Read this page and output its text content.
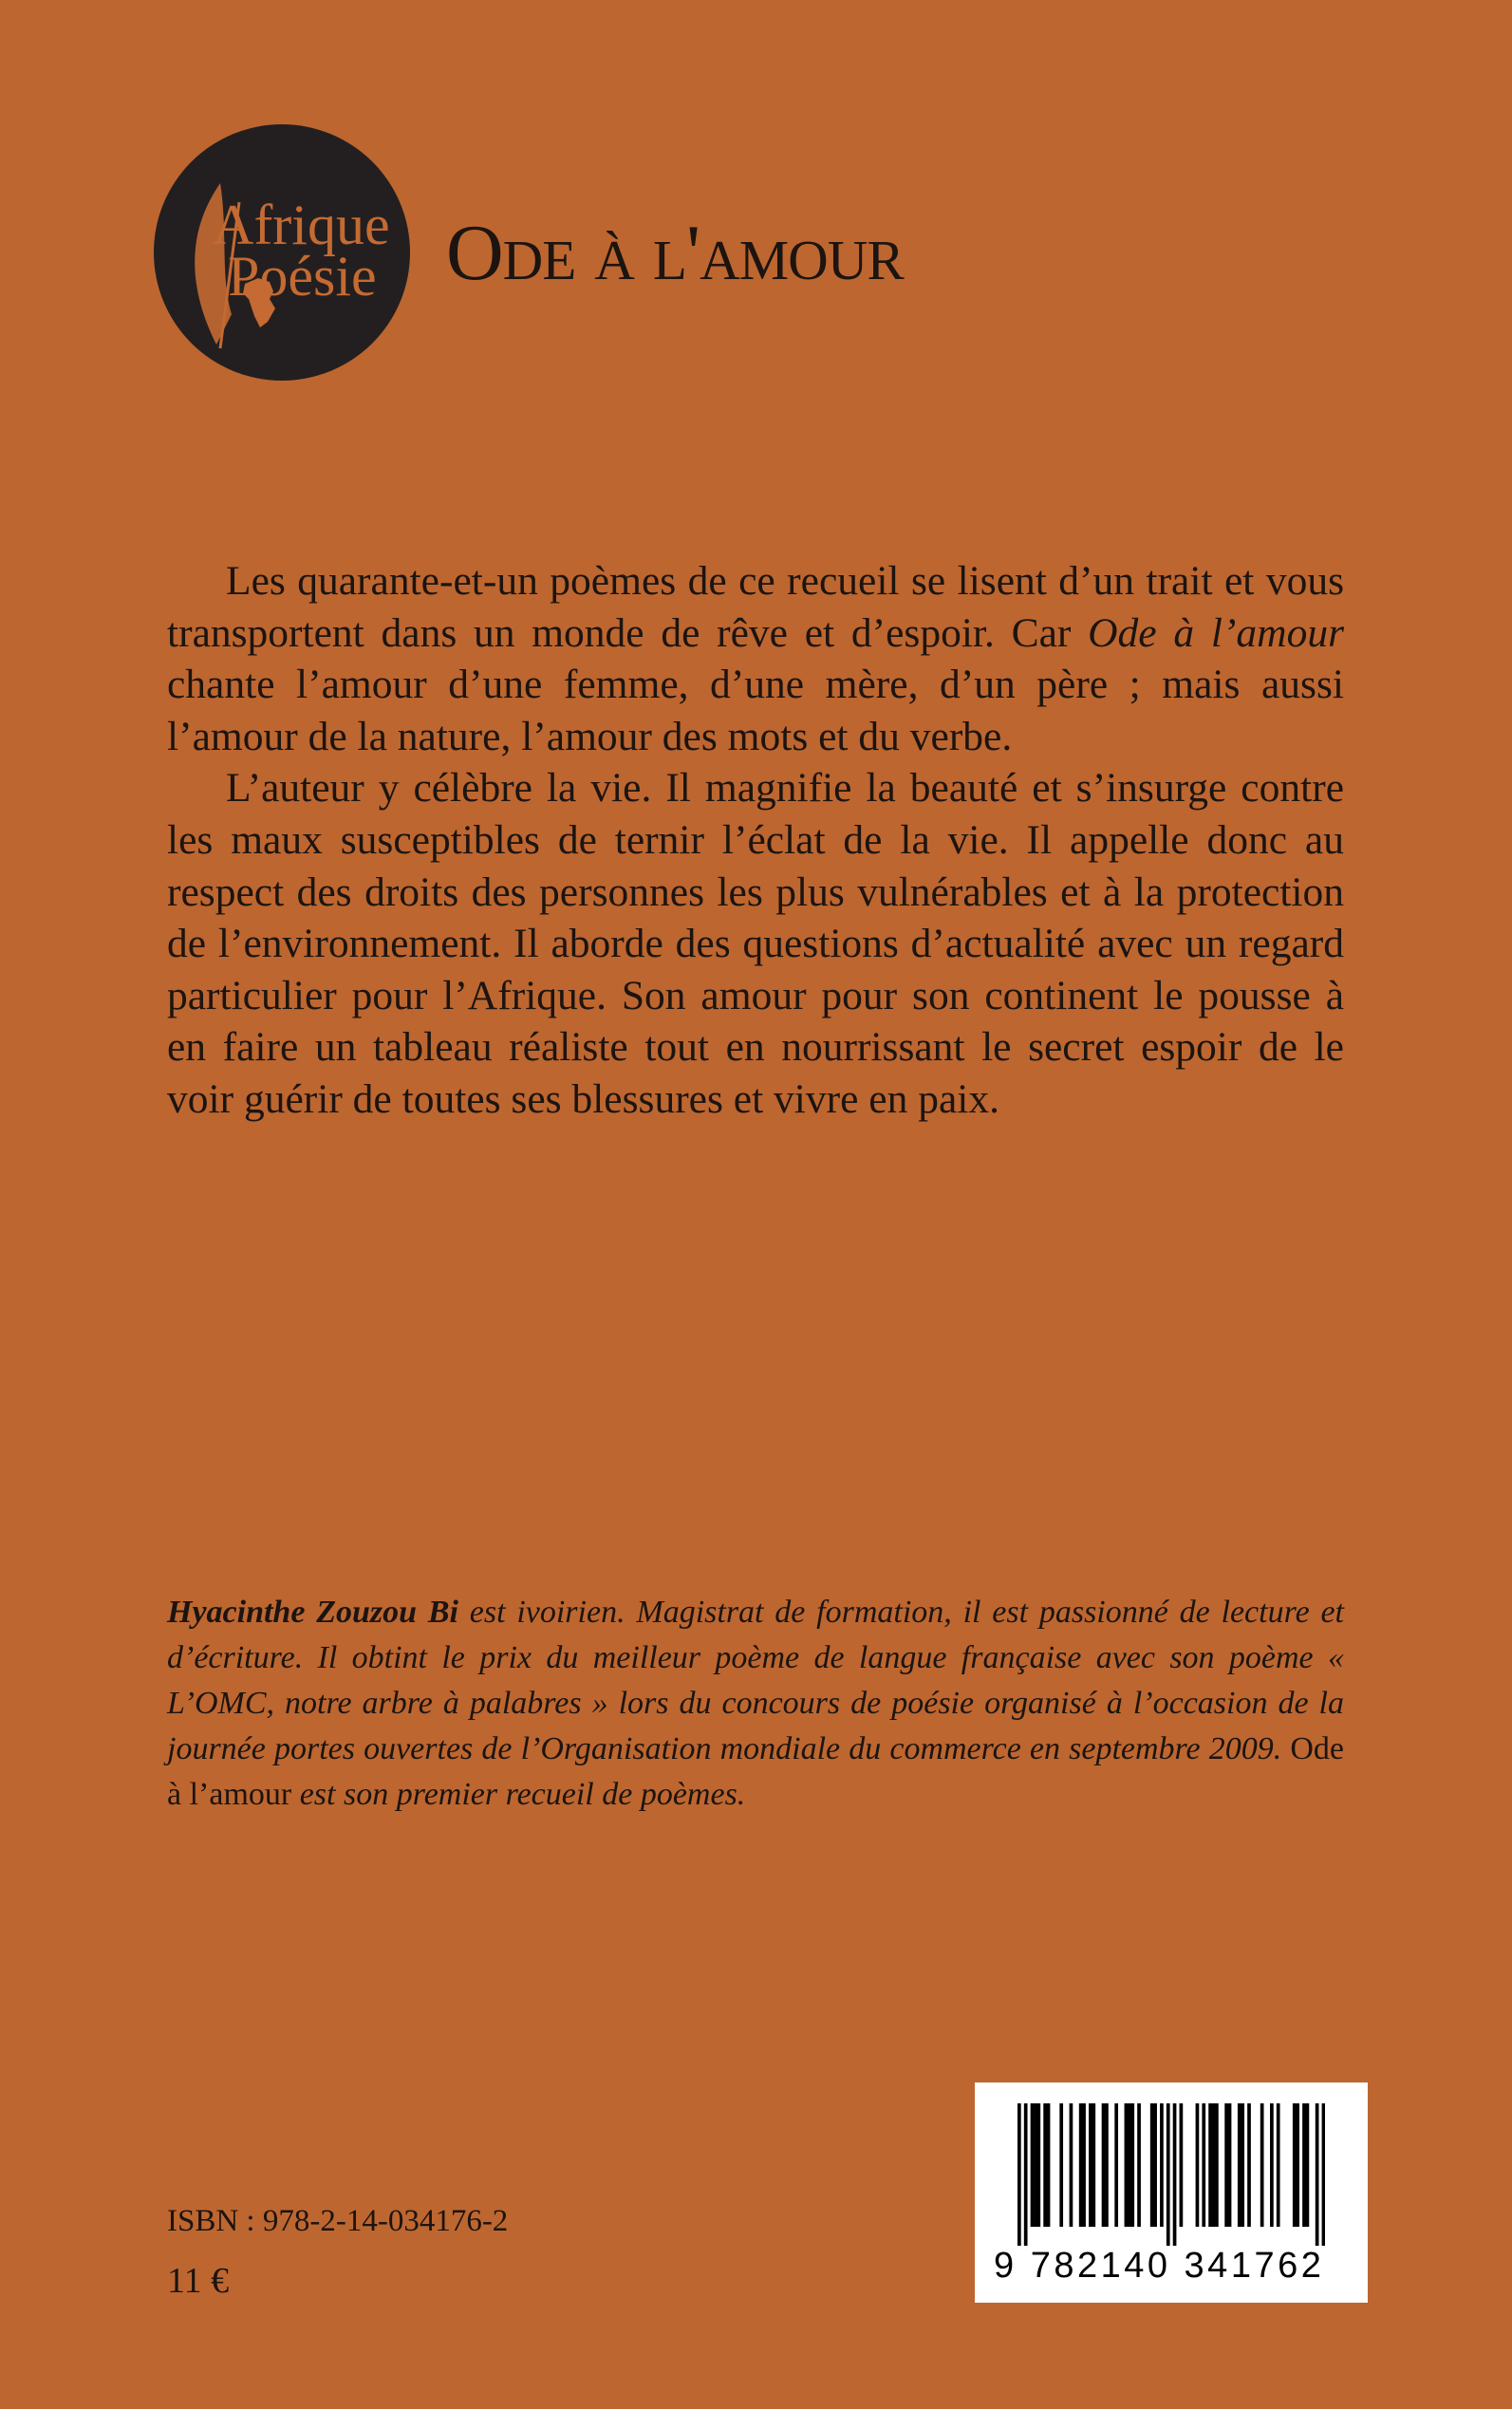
Afrique
Poésie Ode à l'amour

Les quarante-et-un poèmes de ce recueil se lisent d’un trait et vous transportent dans un monde de rêve et d’espoir. Car Ode à l’amour chante l’amour d’une femme, d’une mère, d’un père ; mais aussi l’amour de la nature, l’amour des mots et du verbe.

L’auteur y célèbre la vie. Il magnifie la beauté et s’insurge contre les maux susceptibles de ternir l’éclat de la vie. Il appelle donc au respect des droits des personnes les plus vulnérables et à la protection de l’environnement. Il aborde des questions d’actualité avec un regard particulier pour l’Afrique. Son amour pour son continent le pousse à en faire un tableau réaliste tout en nourrissant le secret espoir de le voir guérir de toutes ses blessures et vivre en paix.

Hyacinthe Zouzou Bi est ivoirien. Magistrat de formation, il est passionné de lecture et d’écriture. Il obtint le prix du meilleur poème de langue française avec son poème « L’OMC, notre arbre à palabres » lors du concours de poésie organisé à l’occasion de la journée portes ouvertes de l’Organisation mondiale du commerce en septembre 2009. Ode à l’amour est son premier recueil de poèmes.
ISBN : 978-2-14-034176-2
11 €	9 782140 341762
